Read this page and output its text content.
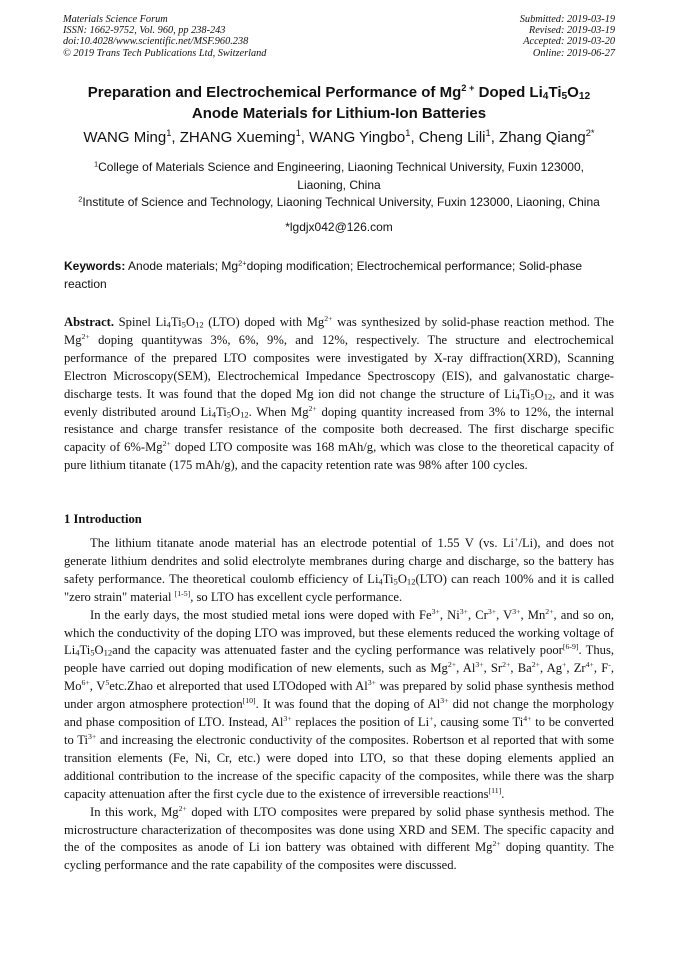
Materials Science Forum
ISSN: 1662-9752, Vol. 960, pp 238-243
doi:10.4028/www.scientific.net/MSF.960.238
© 2019 Trans Tech Publications Ltd, Switzerland
Submitted: 2019-03-19
Revised: 2019-03-19
Accepted: 2019-03-20
Online: 2019-06-27
Preparation and Electrochemical Performance of $Mg^{2 +}$ Doped $Li_4Ti_5O_{12}$
Anode Materials for Lithium-Ion Batteries
WANG Ming$^1$, ZHANG Xueming$^1$, WANG Yingbo$^1$, Cheng Lili$^1$, Zhang Qiang$^{2*}$
$^1$College of Materials Science and Engineering, Liaoning Technical University, Fuxin 123000,
Liaoning, China
$^2$Institute of Science and Technology, Liaoning Technical University, Fuxin 123000, Liaoning, China
*lgdjx042@126.com
Keywords: Anode materials; $Mg^{2+}doping$ modification; Electrochemical performance; Solid-phase reaction

Abstract. Spinel $Li_4Ti_5O_{12}$ (LTO) doped with $Mg^{2+}$ was synthesized by solid-phase reaction method. The $Mg^{2+}$ doping quantitywas 3%, 6%, 9%, and 12%, respectively. The structure and electrochemical performance of the prepared LTO composites were investigated by X-ray diffraction(XRD), Scanning Electron Microscopy(SEM), Electrochemical Impedance Spectroscopy (EIS), and galvanostatic charge-discharge tests. It was found that the doped Mg ion did not change the structure of $Li_4Ti_5O_{12}$, and it was evenly distributed around $Li_4Ti_5O_{12}$. When $Mg^{2+}$ doping quantity increased from 3% to 12%, the internal resistance and charge transfer resistance of the composite both decreased. The first discharge specific capacity of $6\%-Mg^{2+}$ doped LTO composite was 168 mAh/g, which was close to the theoretical capacity of pure lithium titanate (175 mAh/g), and the capacity retention rate was 98% after 100 cycles.

1 Introduction

The lithium titanate anode material has an electrode potential of 1.55 V (vs. Li+/Li), and does not generate lithium dendrites and solid electrolyte membranes during charge and discharge, so the battery has safety performance. The theoretical coulomb efficiency of $Li_4Ti_5O_{12}(LTO)$ can reach 100% and it is called "zero strain" material [1-5], so LTO has excellent cycle performance.

In the early days, the most studied metal ions were doped with $Fe^{3+}$, $Ni^{3+}$, $Cr^{3+}$, $V^{3+}$, $Mn^{2+}$, and so on, which the conductivity of the doping LTO was improved, but these elements reduced the working voltage of $Li_4Ti_5O_{12}and$ the capacity was attenuated faster and the cycling performance was relatively poor[6-9]. Thus, people have carried out doping modification of new elements, such as $Mg^{2+}$, $Al^{3+}$, $Sr^{2+}$, $Ba^{2+}$, Ag+, $Zr^{4+}$, F-, $Mo^{6+}$, $V^5etc.Zhao$ et alreported that used LTOdoped with $Al^{3+}$ was prepared by solid phase synthesis method under argon atmosphere protection[10]. It was found that the doping of $Al^{3+}$ did not change the morphology and phase composition of LTO. Instead, $Al^{3+}$ replaces the position of Li+, causing some $Ti^{4+}$ to be converted to $Ti^{3+}$ and increasing the electronic conductivity of the composites. Robertson et al reported that with some transition elements (Fe, Ni, Cr, etc.) were doped into LTO, so that these doping elements applied an additional contribution to the increase of the specific capacity of the composites, while there was the sharp capacity attenuation after the first cycle due to the existence of irreversible reactions[11].

In this work, $Mg^{2+}$ doped with LTO composites were prepared by solid phase synthesis method. The microstructure characterization of thecomposites was done using XRD and SEM. The specific capacity and the of the composites as anode of Li ion battery was obtained with different $Mg^{2+}$ doping quantity. The cycling performance and the rate capability of the composites were discussed.
